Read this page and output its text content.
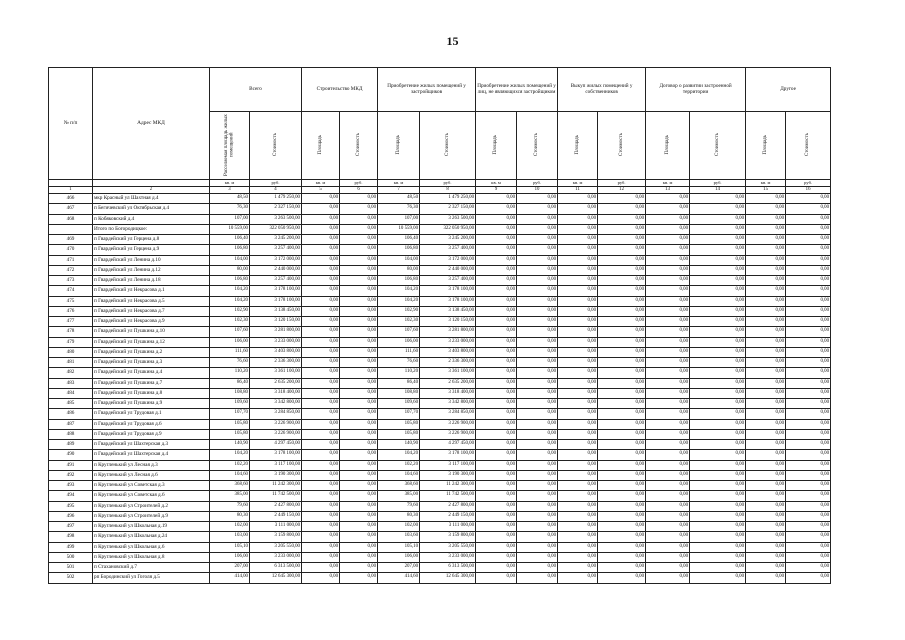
15
№ п/п	Адрес МКД	Всего		Строительство МКД		Приобретение жилых помещений у застройщиков		Приобретение жилых помещений у лиц, не являющихся застройщиком		Выкуп жилых помещений у собственников		Договор о развитии застроенной территории		Другое	
		Расселяемая площадь жилых помещений	Стоимость	Площадь	Стоимость	Площадь	Стоимость	Площадь	Стоимость	Площадь	Стоимость	Площадь	Стоимость	Площадь	Стоимость
		кв. м	руб.	кв. м	руб.	кв. м	руб.	кв. м	руб.	кв. м	руб.	кв. м	руб.	кв. м	руб.
1	2	3	4	5	6	7	8	9	10	11	12	13	14	15	16
466	мкр Красный ул Шахтная д.4	48,50	1 479 250,00	0,00	0,00	48,50	1 479 250,00	0,00	0,00	0,00	0,00	0,00	0,00	0,00	0,00
467	п Бегичевский ул Октябрьская д.4	76,30	2 327 150,00	0,00	0,00	76,30	2 327 150,00	0,00	0,00	0,00	0,00	0,00	0,00	0,00	0,00
468	п Кобяковский д.4	107,00	3 263 500,00	0,00	0,00	107,00	3 263 500,00	0,00	0,00	0,00	0,00	0,00	0,00	0,00	0,00
	Итого по Богородицкое:	10 559,00	322 050 950,00	0,00	0,00	10 559,00	322 050 950,00	0,00	0,00	0,00	0,00	0,00	0,00	0,00	0,00
469	п Гвардейский ул Герцена д.8	106,40	3 245 200,00	0,00	0,00	106,40	3 245 200,00	0,00	0,00	0,00	0,00	0,00	0,00	0,00	0,00
470	п Гвардейский ул Герцена д.9	106,80	3 257 400,00	0,00	0,00	106,80	3 257 400,00	0,00	0,00	0,00	0,00	0,00	0,00	0,00	0,00
471	п Гвардейский ул Ленина д.10	104,00	3 172 000,00	0,00	0,00	104,00	3 172 000,00	0,00	0,00	0,00	0,00	0,00	0,00	0,00	0,00
472	п Гвардейский ул Ленина д.12	80,00	2 440 000,00	0,00	0,00	80,00	2 440 000,00	0,00	0,00	0,00	0,00	0,00	0,00	0,00	0,00
473	п Гвардейский ул Ленина д.18	106,80	3 257 400,00	0,00	0,00	106,80	3 257 400,00	0,00	0,00	0,00	0,00	0,00	0,00	0,00	0,00
474	п Гвардейский ул Некрасова д.1	104,20	3 178 100,00	0,00	0,00	104,20	3 178 100,00	0,00	0,00	0,00	0,00	0,00	0,00	0,00	0,00
475	п Гвардейский ул Некрасова д.5	104,20	3 178 100,00	0,00	0,00	104,20	3 178 100,00	0,00	0,00	0,00	0,00	0,00	0,00	0,00	0,00
476	п Гвардейский ул Некрасова д.7	102,90	3 138 450,00	0,00	0,00	102,90	3 138 450,00	0,00	0,00	0,00	0,00	0,00	0,00	0,00	0,00
477	п Гвардейский ул Некрасова д.9	102,30	3 120 150,00	0,00	0,00	102,30	3 120 150,00	0,00	0,00	0,00	0,00	0,00	0,00	0,00	0,00
478	п Гвардейский ул Пушкина д.10	107,60	3 281 800,00	0,00	0,00	107,60	3 281 800,00	0,00	0,00	0,00	0,00	0,00	0,00	0,00	0,00
479	п Гвардейский ул Пушкина д.12	106,00	3 233 000,00	0,00	0,00	106,00	3 233 000,00	0,00	0,00	0,00	0,00	0,00	0,00	0,00	0,00
480	п Гвардейский ул Пушкина д.2	111,60	3 403 800,00	0,00	0,00	111,60	3 403 800,00	0,00	0,00	0,00	0,00	0,00	0,00	0,00	0,00
481	п Гвардейский ул Пушкина д.3	76,60	2 336 300,00	0,00	0,00	76,60	2 336 300,00	0,00	0,00	0,00	0,00	0,00	0,00	0,00	0,00
482	п Гвардейский ул Пушкина д.4	110,20	3 361 100,00	0,00	0,00	110,20	3 361 100,00	0,00	0,00	0,00	0,00	0,00	0,00	0,00	0,00
483	п Гвардейский ул Пушкина д.7	86,40	2 635 200,00	0,00	0,00	86,40	2 635 200,00	0,00	0,00	0,00	0,00	0,00	0,00	0,00	0,00
484	п Гвардейский ул Пушкина д.8	108,80	3 318 400,00	0,00	0,00	108,80	3 318 400,00	0,00	0,00	0,00	0,00	0,00	0,00	0,00	0,00
485	п Гвардейский ул Пушкина д.9	109,60	3 342 800,00	0,00	0,00	109,60	3 342 800,00	0,00	0,00	0,00	0,00	0,00	0,00	0,00	0,00
486	п Гвардейский ул Трудовая д.1	107,70	3 284 850,00	0,00	0,00	107,70	3 284 850,00	0,00	0,00	0,00	0,00	0,00	0,00	0,00	0,00
487	п Гвардейский ул Трудовая д.6	105,80	3 226 900,00	0,00	0,00	105,80	3 226 900,00	0,00	0,00	0,00	0,00	0,00	0,00	0,00	0,00
488	п Гвардейский ул Трудовая д.9	105,80	3 226 900,00	0,00	0,00	105,80	3 226 900,00	0,00	0,00	0,00	0,00	0,00	0,00	0,00	0,00
489	п Гвардейский ул Шахтерская д.3	140,90	4 297 450,00	0,00	0,00	140,90	4 297 450,00	0,00	0,00	0,00	0,00	0,00	0,00	0,00	0,00
490	п Гвардейский ул Шахтерская д.4	104,20	3 178 100,00	0,00	0,00	104,20	3 178 100,00	0,00	0,00	0,00	0,00	0,00	0,00	0,00	0,00
491	п Кругленький ул Лесная д.3	102,20	3 117 100,00	0,00	0,00	102,20	3 117 100,00	0,00	0,00	0,00	0,00	0,00	0,00	0,00	0,00
492	п Кругленький ул Лесная д.6	104,60	3 190 300,00	0,00	0,00	104,60	3 190 300,00	0,00	0,00	0,00	0,00	0,00	0,00	0,00	0,00
493	п Кругленький ул Советская д.3	368,60	11 242 300,00	0,00	0,00	368,60	11 242 300,00	0,00	0,00	0,00	0,00	0,00	0,00	0,00	0,00
494	п Кругленький ул Советская д.6	385,00	11 742 500,00	0,00	0,00	385,00	11 742 500,00	0,00	0,00	0,00	0,00	0,00	0,00	0,00	0,00
495	п Кругленький ул Строителей д.2	79,60	2 427 800,00	0,00	0,00	79,60	2 427 800,00	0,00	0,00	0,00	0,00	0,00	0,00	0,00	0,00
496	п Кругленький ул Строителей д.9	80,30	2 449 150,00	0,00	0,00	80,30	2 449 150,00	0,00	0,00	0,00	0,00	0,00	0,00	0,00	0,00
497	п Кругленький ул Школьная д.19	102,00	3 111 000,00	0,00	0,00	102,00	3 111 000,00	0,00	0,00	0,00	0,00	0,00	0,00	0,00	0,00
498	п Кругленький ул Школьная д.24	103,00	3 159 800,00	0,00	0,00	103,60	3 159 800,00	0,00	0,00	0,00	0,00	0,00	0,00	0,00	0,00
499	п Кругленький ул Школьная д.6	105,10	3 205 550,00	0,00	0,00	105,10	3 205 550,00	0,00	0,00	0,00	0,00	0,00	0,00	0,00	0,00
500	п Кругленький ул Школьная д.8	106,00	3 233 000,00	0,00	0,00	106,00	3 233 000,00	0,00	0,00	0,00	0,00	0,00	0,00	0,00	0,00
501	п Стахановский д.7	207,00	6 313 500,00	0,00	0,00	207,00	6 313 500,00	0,00	0,00	0,00	0,00	0,00	0,00	0,00	0,00
502	рп Бородинский ул Гоголя д.5	414,00	12 645 300,00	0,00	0,00	414,60	12 645 300,00	0,00	0,00	0,00	0,00	0,00	0,00	0,00	0,00
